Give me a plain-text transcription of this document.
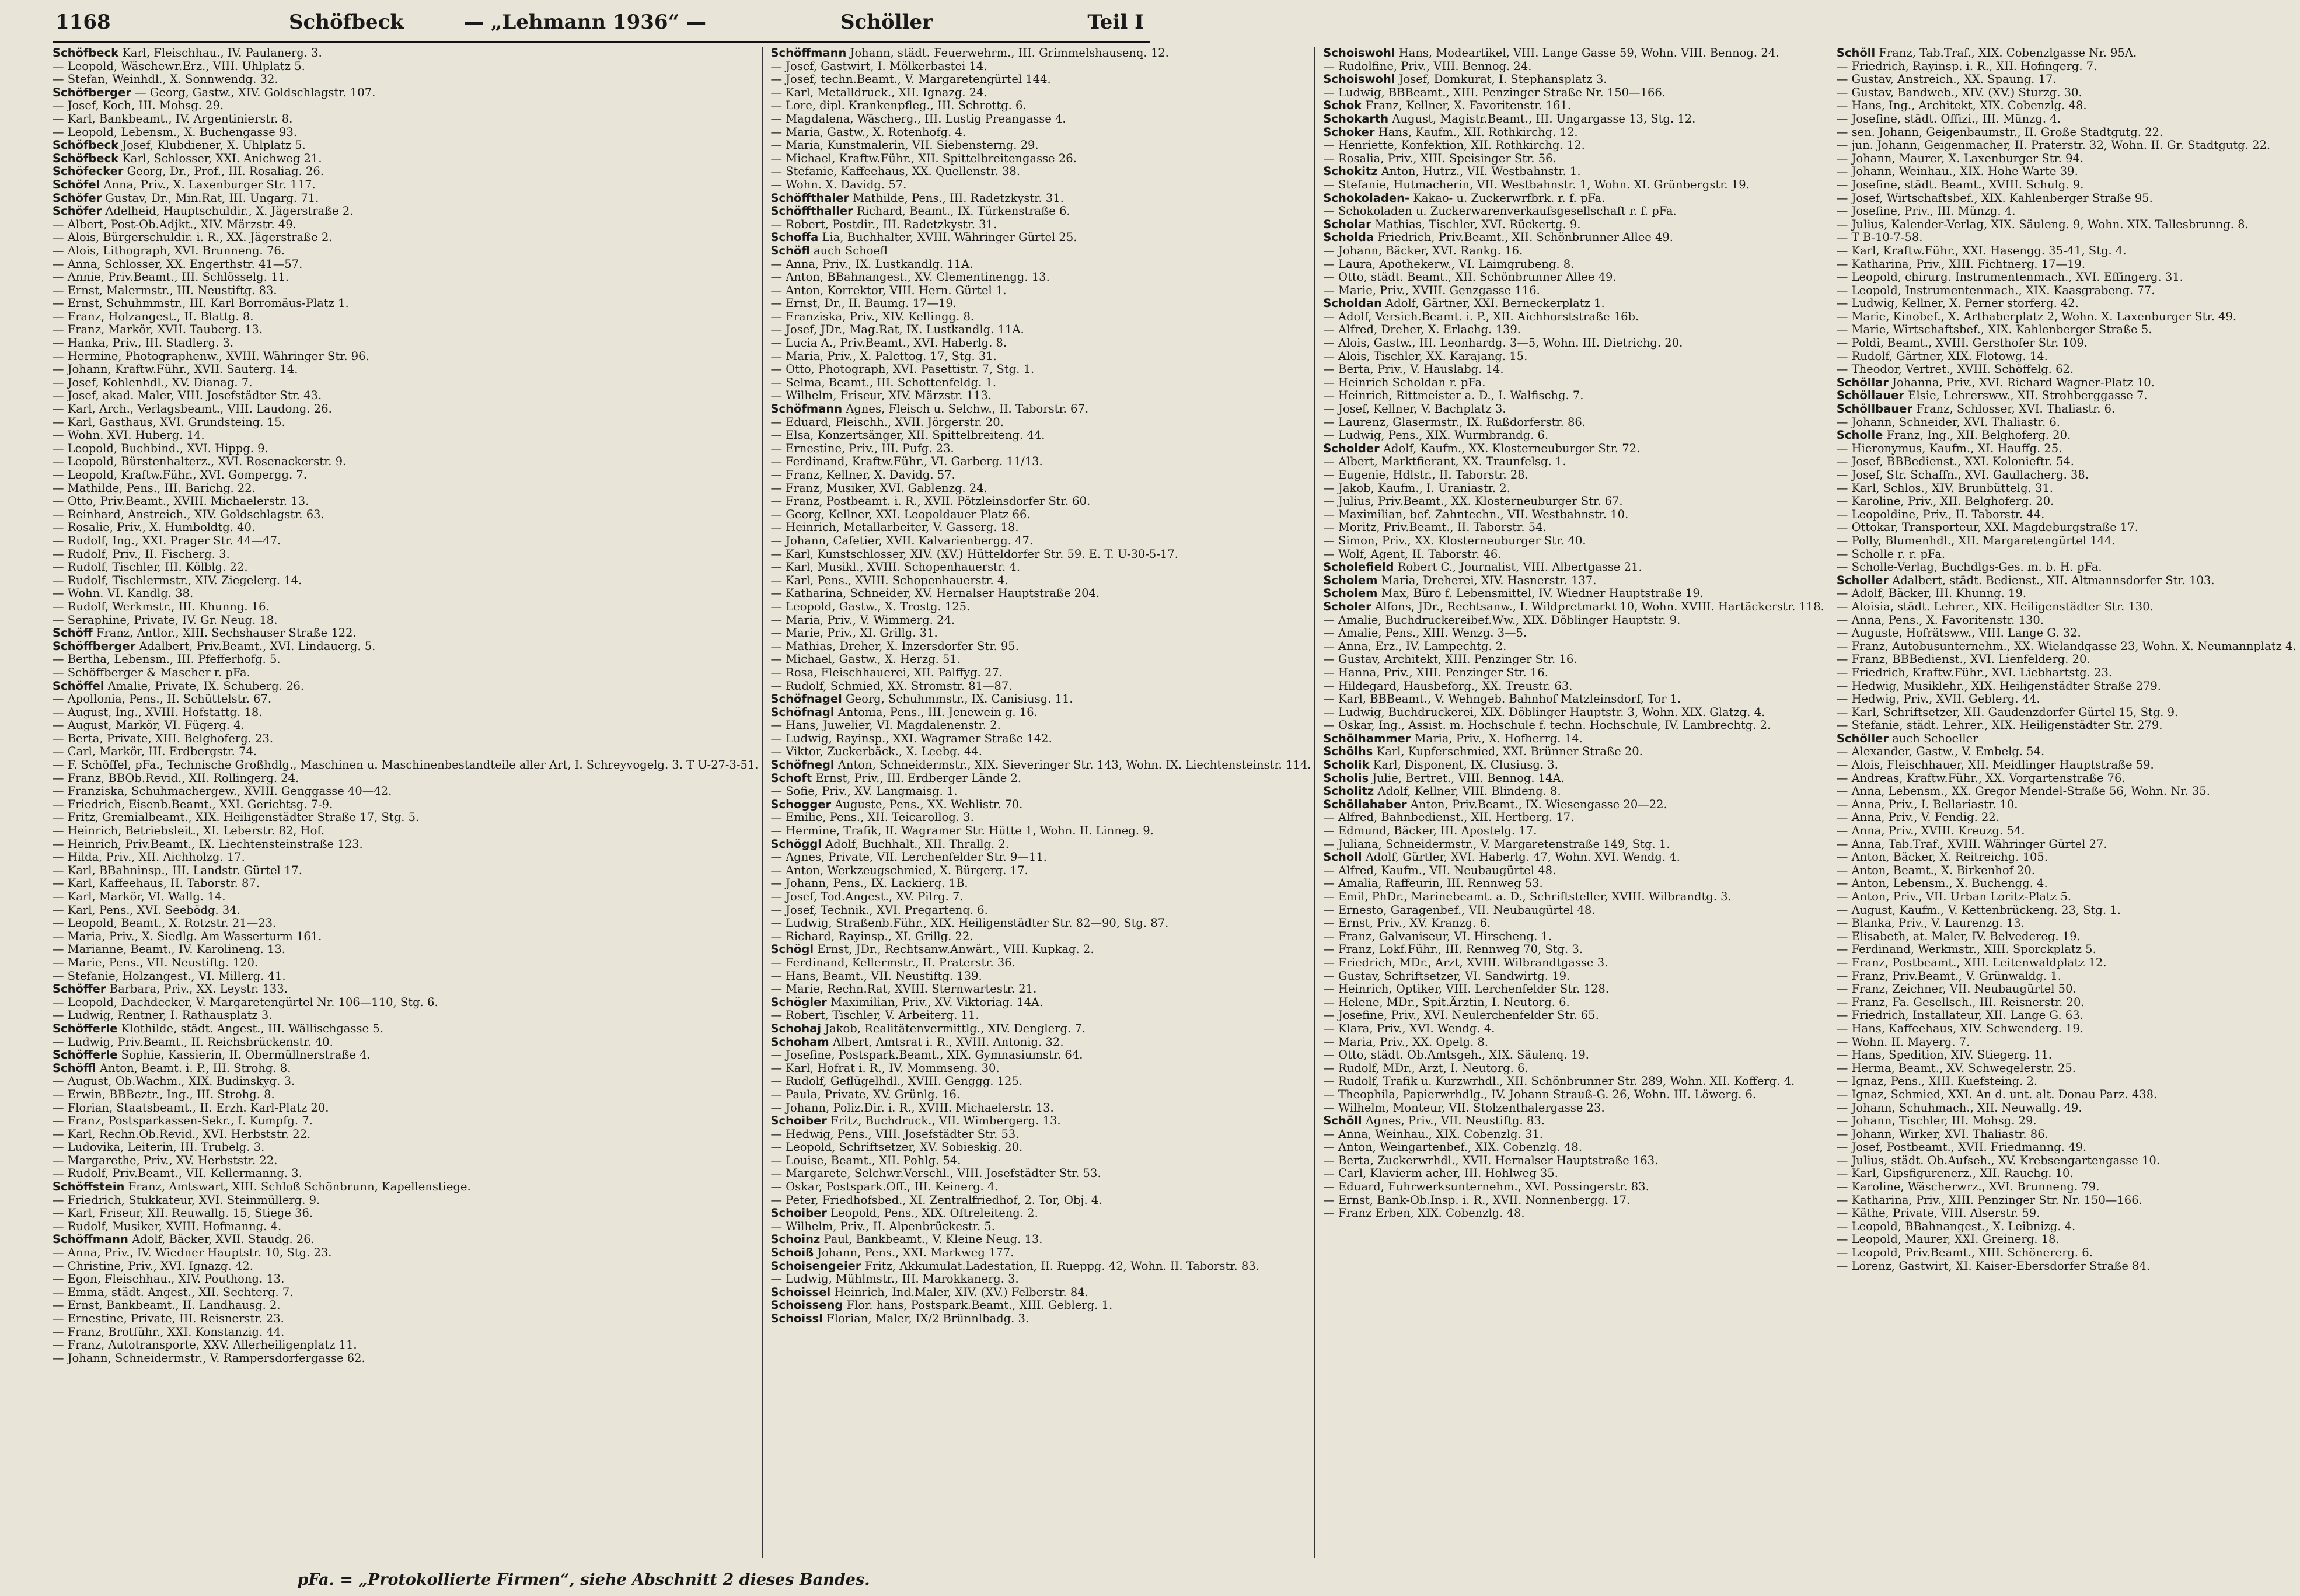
1168	Schöfbeck	— „Lehmann 1936“ —	Schöller	Teil I

Schöfbeck Karl, Fleischhau., IV. Paulanerg. 3.

— Leopold, Wäschewr.Erz., VIII. Uhlplatz 5.

— Stefan, Weinhdl., X. Sonnwendg. 32.

Schöfberger — Georg, Gastw., XIV. Goldschlagstr. 107.

— Josef, Koch, III. Mohsg. 29.

— Karl, Bankbeamt., IV. Argentinierstr. 8.

— Leopold, Lebensm., X. Buchengasse 93.

Schöfbeck Josef, Klubdiener, X. Uhlplatz 5.

Schöfbeck Karl, Schlosser, XXI. Anichweg 21.

Schöfecker Georg, Dr., Prof., III. Rosaliag. 26.

Schöfel Anna, Priv., X. Laxenburger Str. 117.

Schöfer Gustav, Dr., Min.Rat, III. Ungarg. 71.

Schöfer Adelheid, Hauptschuldir., X. Jägerstraße 2.

— Albert, Post-Ob.Adjkt., XIV. Märzstr. 49.

— Alois, Bürgerschuldir. i. R., XX. Jägerstraße 2.

— Alois, Lithograph, XVI. Brunneng. 76.

— Anna, Schlosser, XX. Engerthstr. 41—57.

— Annie, Priv.Beamt., III. Schlösselg. 11.

— Ernst, Malermstr., III. Neustiftg. 83.

— Ernst, Schuhmmstr., III. Karl Borromäus-Platz 1.

— Franz, Holzangest., II. Blattg. 8.

— Franz, Markör, XVII. Tauberg. 13.

— Hanka, Priv., III. Stadlerg. 3.

— Hermine, Photographenw., XVIII. Währinger Str. 96.

— Johann, Kraftw.Führ., XVII. Sauterg. 14.

— Josef, Kohlenhdl., XV. Dianag. 7.

— Josef, akad. Maler, VIII. Josefstädter Str. 43.

— Karl, Arch., Verlagsbeamt., VIII. Laudong. 26.

— Karl, Gasthaus, XVI. Grundsteing. 15.

— Wohn. XVI. Huberg. 14.

— Leopold, Buchbind., XVI. Hippg. 9.

— Leopold, Bürstenhalterz., XVI. Rosenackerstr. 9.

— Leopold, Kraftw.Führ., XVI. Gompergg. 7.

— Mathilde, Pens., III. Barichg. 22.

— Otto, Priv.Beamt., XVIII. Michaelerstr. 13.

— Reinhard, Anstreich., XIV. Goldschlagstr. 63.

— Rosalie, Priv., X. Humboldtg. 40.

— Rudolf, Ing., XXI. Prager Str. 44—47.

— Rudolf, Priv., II. Fischerg. 3.

— Rudolf, Tischler, III. Kölblg. 22.

— Rudolf, Tischlermstr., XIV. Ziegelerg. 14.

— Wohn. VI. Kandlg. 38.

— Rudolf, Werkmstr., III. Khunng. 16.

— Seraphine, Private, IV. Gr. Neug. 18.

Schöff Franz, Antlor., XIII. Sechshauser Straße 122.

Schöffberger Adalbert, Priv.Beamt., XVI. Lindauerg. 5.

— Bertha, Lebensm., III. Pfefferhofg. 5.

— Schöffberger & Mascher r. pFa.

Schöffel Amalie, Private, IX. Schuberg. 26.

— Apollonia, Pens., II. Schüttelstr. 67.

— August, Ing., XVIII. Hofstattg. 18.

— August, Markör, VI. Fügerg. 4.

— Berta, Private, XIII. Belghoferg. 23.

— Carl, Markör, III. Erdbergstr. 74.

— F. Schöffel, pFa., Technische Großhdlg., Maschinen u. Maschinenbestandteile aller Art, I. Schreyvogelg. 3. T U-27-3-51.

— Franz, BBOb.Revid., XII. Rollingerg. 24.

— Franziska, Schuhmachergew., XVIII. Genggasse 40—42.

— Friedrich, Eisenb.Beamt., XXI. Gerichtsg. 7-9.

— Fritz, Gremialbeamt., XIX. Heiligenstädter Straße 17, Stg. 5.

— Heinrich, Betriebsleit., XI. Leberstr. 82, Hof.

— Heinrich, Priv.Beamt., IX. Liechtensteinstraße 123.

— Hilda, Priv., XII. Aichholzg. 17.

— Karl, BBahninsp., III. Landstr. Gürtel 17.

— Karl, Kaffeehaus, II. Taborstr. 87.

— Karl, Markör, VI. Wallg. 14.

— Karl, Pens., XVI. Seebödg. 34.

— Leopold, Beamt., X. Rotzstr. 21—23.

— Maria, Priv., X. Siedlg. Am Wasserturm 161.

— Marianne, Beamt., IV. Karolineng. 13.

— Marie, Pens., VII. Neustiftg. 120.

— Stefanie, Holzangest., VI. Millerg. 41.

Schöffer Barbara, Priv., XX. Leystr. 133.

— Leopold, Dachdecker, V. Margaretengürtel Nr. 106—110, Stg. 6.

— Ludwig, Rentner, I. Rathausplatz 3.

Schöfferle Klothilde, städt. Angest., III. Wällischgasse 5.

— Ludwig, Priv.Beamt., II. Reichsbrückenstr. 40.

Schöfferle Sophie, Kassierin, II. Obermüllnerstraße 4.

Schöffl Anton, Beamt. i. P., III. Strohg. 8.

— August, Ob.Wachm., XIX. Budinskyg. 3.

— Erwin, BBBeztr., Ing., III. Strohg. 8.

— Florian, Staatsbeamt., II. Erzh. Karl-Platz 20.

— Franz, Postsparkassen-Sekr., I. Kumpfg. 7.

— Karl, Rechn.Ob.Revid., XVI. Herbststr. 22.

— Ludovika, Leiterin, III. Trubelg. 3.

— Margarethe, Priv., XV. Herbststr. 22.

— Rudolf, Priv.Beamt., VII. Kellermanng. 3.

Schöffstein Franz, Amtswart, XIII. Schloß Schönbrunn, Kapellenstiege.

— Friedrich, Stukkateur, XVI. Steinmüllerg. 9.

— Karl, Friseur, XII. Reuwallg. 15, Stiege 36.

— Rudolf, Musiker, XVIII. Hofmanng. 4.

Schöffmann Adolf, Bäcker, XVII. Staudg. 26.

— Anna, Priv., IV. Wiedner Hauptstr. 10, Stg. 23.

— Christine, Priv., XVI. Ignazg. 42.

— Egon, Fleischhau., XIV. Pouthong. 13.

— Emma, städt. Angest., XII. Sechterg. 7.

— Ernst, Bankbeamt., II. Landhausg. 2.

— Ernestine, Private, III. Reisnerstr. 23.

— Franz, Brotführ., XXI. Konstanzig. 44.

— Franz, Autotransporte, XXV. Allerheiligenplatz 11.

— Johann, Schneidermstr., V. Rampersdorfergasse 62.

Schöffmann Johann, städt. Feuerwehrm., III. Grimmelshausenq. 12.

— Josef, Gastwirt, I. Mölkerbastei 14.

— Josef, techn.Beamt., V. Margaretengürtel 144.

— Karl, Metalldruck., XII. Ignazg. 24.

— Lore, dipl. Krankenpfleg., III. Schrottg. 6.

— Magdalena, Wäscherg., III. Lustig Preangasse 4.

— Maria, Gastw., X. Rotenhofg. 4.

— Maria, Kunstmalerin, VII. Siebensterng. 29.

— Michael, Kraftw.Führ., XII. Spittelbreitengasse 26.

— Stefanie, Kaffeehaus, XX. Quellenstr. 38.

— Wohn. X. Davidg. 57.

Schöffthaler Mathilde, Pens., III. Radetzkystr. 31.

Schöffthaller Richard, Beamt., IX. Türkenstraße 6.

— Robert, Postdir., III. Radetzkystr. 31.

Schoffa Lia, Buchhalter, XVIII. Währinger Gürtel 25.

Schöfl auch Schoefl

— Anna, Priv., IX. Lustkandlg. 11A.

— Anton, BBahnangest., XV. Clementinengg. 13.

— Anton, Korrektor, VIII. Hern. Gürtel 1.

— Ernst, Dr., II. Baumg. 17—19.

— Franziska, Priv., XIV. Kellingg. 8.

— Josef, JDr., Mag.Rat, IX. Lustkandlg. 11A.

— Lucia A., Priv.Beamt., XVI. Haberlg. 8.

— Maria, Priv., X. Palettog. 17, Stg. 31.

— Otto, Photograph, XVI. Pasettistr. 7, Stg. 1.

— Selma, Beamt., III. Schottenfeldg. 1.

— Wilhelm, Friseur, XIV. Märzstr. 113.

Schöfmann Agnes, Fleisch u. Selchw., II. Taborstr. 67.

— Eduard, Fleischh., XVII. Jörgerstr. 20.

— Elsa, Konzertsänger, XII. Spittelbreiteng. 44.

— Ernestine, Priv., III. Pufg. 23.

— Ferdinand, Kraftw.Führ., VI. Garberg. 11/13.

— Franz, Kellner, X. Davidg. 57.

— Franz, Musiker, XVI. Gablenzg. 24.

— Franz, Postbeamt. i. R., XVII. Pötzleinsdorfer Str. 60.

— Georg, Kellner, XXI. Leopoldauer Platz 66.

— Heinrich, Metallarbeiter, V. Gasserg. 18.

— Johann, Cafetier, XVII. Kalvarienbergg. 47.

— Karl, Kunstschlosser, XIV. (XV.) Hütteldorfer Str. 59. E. T. U-30-5-17.

— Karl, Musikl., XVIII. Schopenhauerstr. 4.

— Karl, Pens., XVIII. Schopenhauerstr. 4.

— Katharina, Schneider, XV. Hernalser Hauptstraße 204.

— Leopold, Gastw., X. Trostg. 125.

— Maria, Priv., V. Wimmerg. 24.

— Marie, Priv., XI. Grillg. 31.

— Mathias, Dreher, X. Inzersdorfer Str. 95.

— Michael, Gastw., X. Herzg. 51.

— Rosa, Fleischhauerei, XII. Palffyg. 27.

— Rudolf, Schmied, XX. Stromstr. 81—87.

Schöfnagel Georg, Schuhmmstr., IX. Canisiusg. 11.

Schöfnagl Antonia, Pens., III. Jenewein g. 16.

— Hans, Juwelier, VI. Magdalenenstr. 2.

— Ludwig, Rayinsp., XXI. Wagramer Straße 142.

— Viktor, Zuckerbäck., X. Leebg. 44.

Schöfnegl Anton, Schneidermstr., XIX. Sieveringer Str. 143, Wohn. IX. Liechtensteinstr. 114.

Schoft Ernst, Priv., III. Erdberger Lände 2.

— Sofie, Priv., XV. Langmaisg. 1.

Schogger Auguste, Pens., XX. Wehlistr. 70.

— Emilie, Pens., XII. Teicarollog. 3.

— Hermine, Trafik, II. Wagramer Str. Hütte 1, Wohn. II. Linneg. 9.

Schöggl Adolf, Buchhalt., XII. Thrallg. 2.

— Agnes, Private, VII. Lerchenfelder Str. 9—11.

— Anton, Werkzeugschmied, X. Bürgerg. 17.

— Johann, Pens., IX. Lackierg. 1B.

— Josef, Tod.Angest., XV. Pilrg. 7.

— Josef, Technik., XVI. Pregartenq. 6.

— Ludwig, Straßenb.Führ., XIX. Heiligenstädter Str. 82—90, Stg. 87.

— Richard, Rayinsp., XI. Grillg. 22.

Schögl Ernst, JDr., Rechtsanw.Anwärt., VIII. Kupkag. 2.

— Ferdinand, Kellermstr., II. Praterstr. 36.

— Hans, Beamt., VII. Neustiftg. 139.

— Marie, Rechn.Rat, XVIII. Sternwartestr. 21.

Schögler Maximilian, Priv., XV. Viktoriag. 14A.

— Robert, Tischler, V. Arbeiterg. 11.

Schohaj Jakob, Realitätenvermittlg., XIV. Denglerg. 7.

Schoham Albert, Amtsrat i. R., XVIII. Antonig. 32.

— Josefine, Postspark.Beamt., XIX. Gymnasiumstr. 64.

— Karl, Hofrat i. R., IV. Mommseng. 30.

— Rudolf, Geflügelhdl., XVIII. Genggg. 125.

— Paula, Private, XV. Grünlg. 16.

— Johann, Poliz.Dir. i. R., XVIII. Michaelerstr. 13.

Schoiber Fritz, Buchdruck., VII. Wimbergerg. 13.

— Hedwig, Pens., VIII. Josefstädter Str. 53.

— Leopold, Schriftsetzer, XV. Sobieskig. 20.

— Louise, Beamt., XII. Pohlg. 54.

— Margarete, Selchwr.Verschl., VIII. Josefstädter Str. 53.

— Oskar, Postspark.Off., III. Keinerg. 4.

— Peter, Friedhofsbed., XI. Zentralfriedhof, 2. Tor, Obj. 4.

Schoiber Leopold, Pens., XIX. Oftreleiteng. 2.

— Wilhelm, Priv., II. Alpenbrückestr. 5.

Schoinz Paul, Bankbeamt., V. Kleine Neug. 13.

Schoiß Johann, Pens., XXI. Markweg 177.

Schoisengeier Fritz, Akkumulat.Ladestation, II. Rueppg. 42, Wohn. II. Taborstr. 83.

— Ludwig, Mühlmstr., III. Marokkanerg. 3.

Schoissel Heinrich, Ind.Maler, XIV. (XV.) Felberstr. 84.

Schoisseng Flor. hans, Postspark.Beamt., XIII. Geblerg. 1.

Schoissl Florian, Maler, IX/2 Brünnlbadg. 3.

Schoiswohl Hans, Modeartikel, VIII. Lange Gasse 59, Wohn. VIII. Bennog. 24.

— Rudolfine, Priv., VIII. Bennog. 24.

Schoiswohl Josef, Domkurat, I. Stephansplatz 3.

— Ludwig, BBBeamt., XIII. Penzinger Straße Nr. 150—166.

Schok Franz, Kellner, X. Favoritenstr. 161.

Schokarth August, Magistr.Beamt., III. Ungargasse 13, Stg. 12.

Schoker Hans, Kaufm., XII. Rothkirchg. 12.

— Henriette, Konfektion, XII. Rothkirchg. 12.

— Rosalia, Priv., XIII. Speisinger Str. 56.

Schokitz Anton, Hutrz., VII. Westbahnstr. 1.

— Stefanie, Hutmacherin, VII. Westbahnstr. 1, Wohn. XI. Grünbergstr. 19.

Schokoladen- Kakao- u. Zuckerwrfbrk. r. f. pFa.

— Schokoladen u. Zuckerwarenverkaufsgesellschaft r. f. pFa.

Scholar Mathias, Tischler, XVI. Rückertg. 9.

Scholda Friedrich, Priv.Beamt., XII. Schönbrunner Allee 49.

— Johann, Bäcker, XVI. Rankg. 16.

— Laura, Apothekerw., VI. Laimgrubeng. 8.

— Otto, städt. Beamt., XII. Schönbrunner Allee 49.

— Marie, Priv., XVIII. Genzgasse 116.

Scholdan Adolf, Gärtner, XXI. Berneckerplatz 1.

— Adolf, Versich.Beamt. i. P., XII. Aichhorststraße 16b.

— Alfred, Dreher, X. Erlachg. 139.

— Alois, Gastw., III. Leonhardg. 3—5, Wohn. III. Dietrichg. 20.

— Alois, Tischler, XX. Karajang. 15.

— Berta, Priv., V. Hauslabg. 14.

— Heinrich Scholdan r. pFa.

— Heinrich, Rittmeister a. D., I. Walfischg. 7.

— Josef, Kellner, V. Bachplatz 3.

— Laurenz, Glasermstr., IX. Rußdorferstr. 86.

— Ludwig, Pens., XIX. Wurmbrandg. 6.

Scholder Adolf, Kaufm., XX. Klosterneuburger Str. 72.

— Albert, Marktfierant, XX. Traunfelsg. 1.

— Eugenie, Hdlstr., II. Taborstr. 28.

— Jakob, Kaufm., I. Uraniastr. 2.

— Julius, Priv.Beamt., XX. Klosterneuburger Str. 67.

— Maximilian, bef. Zahntechn., VII. Westbahnstr. 10.

— Moritz, Priv.Beamt., II. Taborstr. 54.

— Simon, Priv., XX. Klosterneuburger Str. 40.

— Wolf, Agent, II. Taborstr. 46.

Scholefield Robert C., Journalist, VIII. Albertgasse 21.

Scholem Maria, Dreherei, XIV. Hasnerstr. 137.

Scholem Max, Büro f. Lebensmittel, IV. Wiedner Hauptstraße 19.

Scholer Alfons, JDr., Rechtsanw., I. Wildpretmarkt 10, Wohn. XVIII. Hartäckerstr. 118.

— Amalie, Buchdruckereibef.Ww., XIX. Döblinger Hauptstr. 9.

— Amalie, Pens., XIII. Wenzg. 3—5.

— Anna, Erz., IV. Lampechtg. 2.

— Gustav, Architekt, XIII. Penzinger Str. 16.

— Hanna, Priv., XIII. Penzinger Str. 16.

— Hildegard, Hausbeforg., XX. Treustr. 63.

— Karl, BBBeamt., V. Wehngeb. Bahnhof Matzleinsdorf, Tor 1.

— Ludwig, Buchdruckerei, XIX. Döblinger Hauptstr. 3, Wohn. XIX. Glatzg. 4.

— Oskar, Ing., Assist. m. Hochschule f. techn. Hochschule, IV. Lambrechtg. 2.

Schölhammer Maria, Priv., X. Hofherrg. 14.

Schölhs Karl, Kupferschmied, XXI. Brünner Straße 20.

Scholik Karl, Disponent, IX. Clusiusg. 3.

Scholis Julie, Bertret., VIII. Bennog. 14A.

Scholitz Adolf, Kellner, VIII. Blindeng. 8.

Schöllahaber Anton, Priv.Beamt., IX. Wiesengasse 20—22.

— Alfred, Bahnbedienst., XII. Hertberg. 17.

— Edmund, Bäcker, III. Apostelg. 17.

— Juliana, Schneidermstr., V. Margaretenstraße 149, Stg. 1.

Scholl Adolf, Gürtler, XVI. Haberlg. 47, Wohn. XVI. Wendg. 4.

— Alfred, Kaufm., VII. Neubaugürtel 48.

— Amalia, Raffeurin, III. Rennweg 53.

— Emil, PhDr., Marinebeamt. a. D., Schriftsteller, XVIII. Wilbrandtg. 3.

— Ernesto, Garagenbef., VII. Neubaugürtel 48.

— Ernst, Priv., XV. Kranzg. 6.

— Franz, Galvaniseur, VI. Hirscheng. 1.

— Franz, Lokf.Führ., III. Rennweg 70, Stg. 3.

— Friedrich, MDr., Arzt, XVIII. Wilbrandtgasse 3.

— Gustav, Schriftsetzer, VI. Sandwirtg. 19.

— Heinrich, Optiker, VIII. Lerchenfelder Str. 128.

— Helene, MDr., Spit.Ärztin, I. Neutorg. 6.

— Josefine, Priv., XVI. Neulerchenfelder Str. 65.

— Klara, Priv., XVI. Wendg. 4.

— Maria, Priv., XX. Opelg. 8.

— Otto, städt. Ob.Amtsgeh., XIX. Säulenq. 19.

— Rudolf, MDr., Arzt, I. Neutorg. 6.

— Rudolf, Trafik u. Kurzwrhdl., XII. Schönbrunner Str. 289, Wohn. XII. Kofferg. 4.

— Theophila, Papierwrhdlg., IV. Johann Strauß-G. 26, Wohn. III. Löwerg. 6.

— Wilhelm, Monteur, VII. Stolzenthalergasse 23.

Schöll Agnes, Priv., VII. Neustiftg. 83.

— Anna, Weinhau., XIX. Cobenzlg. 31.

— Anton, Weingartenbef., XIX. Cobenzlg. 48.

— Berta, Zuckerwrhdl., XVII. Hernalser Hauptstraße 163.

— Carl, Klavierm acher, III. Hohlweg 35.

— Eduard, Fuhrwerksunternehm., XVI. Possingerstr. 83.

— Ernst, Bank-Ob.Insp. i. R., XVII. Nonnenbergg. 17.

— Franz Erben, XIX. Cobenzlg. 48.

Schöll Franz, Tab.Traf., XIX. Cobenzlgasse Nr. 95A.

— Friedrich, Rayinsp. i. R., XII. Hofingerg. 7.

— Gustav, Anstreich., XX. Spaung. 17.

— Gustav, Bandweb., XIV. (XV.) Sturzg. 30.

— Hans, Ing., Architekt, XIX. Cobenzlg. 48.

— Josefine, städt. Offizi., III. Münzg. 4.

— sen. Johann, Geigenbaumstr., II. Große Stadtgutg. 22.

— jun. Johann, Geigenmacher, II. Praterstr. 32, Wohn. II. Gr. Stadtgutg. 22.

— Johann, Maurer, X. Laxenburger Str. 94.

— Johann, Weinhau., XIX. Hohe Warte 39.

— Josefine, städt. Beamt., XVIII. Schulg. 9.

— Josef, Wirtschaftsbef., XIX. Kahlenberger Straße 95.

— Josefine, Priv., III. Münzg. 4.

— Julius, Kalender-Verlag, XIX. Säuleng. 9, Wohn. XIX. Tallesbrunng. 8.

— T B-10-7-58.

— Karl, Kraftw.Führ., XXI. Hasengg. 35-41, Stg. 4.

— Katharina, Priv., XIII. Fichtnerg. 17—19.

— Leopold, chirurg. Instrumentenmach., XVI. Effingerg. 31.

— Leopold, Instrumentenmach., XIX. Kaasgrabeng. 77.

— Ludwig, Kellner, X. Perner storferg. 42.

— Marie, Kinobef., X. Arthaberplatz 2, Wohn. X. Laxenburger Str. 49.

— Marie, Wirtschaftsbef., XIX. Kahlenberger Straße 5.

— Poldi, Beamt., XVIII. Gersthofer Str. 109.

— Rudolf, Gärtner, XIX. Flotowg. 14.

— Theodor, Vertret., XVIII. Schöffelg. 62.

Schöllar Johanna, Priv., XVI. Richard Wagner-Platz 10.

Schöllauer Elsie, Lehrersww., XII. Strohberggasse 7.

Schöllbauer Franz, Schlosser, XVI. Thaliastr. 6.

— Johann, Schneider, XVI. Thaliastr. 6.

Scholle Franz, Ing., XII. Belghoferg. 20.

— Hieronymus, Kaufm., XI. Hauffg. 25.

— Josef, BBBedienst., XXI. Kolonieftr. 54.

— Josef, Str. Schaffn., XVI. Gaullacherg. 38.

— Karl, Schlos., XIV. Brunbüttelg. 31.

— Karoline, Priv., XII. Belghoferg. 20.

— Leopoldine, Priv., II. Taborstr. 44.

— Ottokar, Transporteur, XXI. Magdeburgstraße 17.

— Polly, Blumenhdl., XII. Margaretengürtel 144.

— Scholle r. r. pFa.

— Scholle-Verlag, Buchdlgs-Ges. m. b. H. pFa.

Scholler Adalbert, städt. Bedienst., XII. Altmannsdorfer Str. 103.

— Adolf, Bäcker, III. Khunng. 19.

— Aloisia, städt. Lehrer., XIX. Heiligenstädter Str. 130.

— Anna, Pens., X. Favoritenstr. 130.

— Auguste, Hofrätsww., VIII. Lange G. 32.

— Franz, Autobusunternehm., XX. Wielandgasse 23, Wohn. X. Neumannplatz 4.

— Franz, BBBedienst., XVI. Lienfelderg. 20.

— Friedrich, Kraftw.Führ., XVI. Liebhartstg. 23.

— Hedwig, Musiklehr., XIX. Heiligenstädter Straße 279.

— Hedwig, Priv., XVII. Geblerg. 44.

— Karl, Schriftsetzer, XII. Gaudenzdorfer Gürtel 15, Stg. 9.

— Stefanie, städt. Lehrer., XIX. Heiligenstädter Str. 279.

Schöller auch Schoeller

— Alexander, Gastw., V. Embelg. 54.

— Alois, Fleischhauer, XII. Meidlinger Hauptstraße 59.

— Andreas, Kraftw.Führ., XX. Vorgartenstraße 76.

— Anna, Lebensm., XX. Gregor Mendel-Straße 56, Wohn. Nr. 35.

— Anna, Priv., I. Bellariastr. 10.

— Anna, Priv., V. Fendig. 22.

— Anna, Priv., XVIII. Kreuzg. 54.

— Anna, Tab.Traf., XVIII. Währinger Gürtel 27.

— Anton, Bäcker, X. Reitreichg. 105.

— Anton, Beamt., X. Birkenhof 20.

— Anton, Lebensm., X. Buchengg. 4.

— Anton, Priv., VII. Urban Loritz-Platz 5.

— August, Kaufm., V. Kettenbrückeng. 23, Stg. 1.

— Blanka, Priv., V. Laurenzg. 13.

— Elisabeth, at. Maler, IV. Belvedereg. 19.

— Ferdinand, Werkmstr., XIII. Sporckplatz 5.

— Franz, Postbeamt., XIII. Leitenwaldplatz 12.

— Franz, Priv.Beamt., V. Grünwaldg. 1.

— Franz, Zeichner, VII. Neubaugürtel 50.

— Franz, Fa. Gesellsch., III. Reisnerstr. 20.

— Friedrich, Installateur, XII. Lange G. 63.

— Hans, Kaffeehaus, XIV. Schwenderg. 19.

— Wohn. II. Mayerg. 7.

— Hans, Spedition, XIV. Stiegerg. 11.

— Herma, Beamt., XV. Schwegelerstr. 25.

— Ignaz, Pens., XIII. Kuefsteing. 2.

— Ignaz, Schmied, XXI. An d. unt. alt. Donau Parz. 438.

— Johann, Schuhmach., XII. Neuwallg. 49.

— Johann, Tischler, III. Mohsg. 29.

— Johann, Wirker, XVI. Thaliastr. 86.

— Josef, Postbeamt., XVII. Friedmanng. 49.

— Julius, städt. Ob.Aufseh., XV. Krebsengartengasse 10.

— Karl, Gipsfigurenerz., XII. Rauchg. 10.

— Karoline, Wäscherwrz., XVI. Brunneng. 79.

— Katharina, Priv., XIII. Penzinger Str. Nr. 150—166.

— Käthe, Private, VIII. Alserstr. 59.

— Leopold, BBahnangest., X. Leibnizg. 4.

— Leopold, Maurer, XXI. Greinerg. 18.

— Leopold, Priv.Beamt., XIII. Schönererg. 6.

— Lorenz, Gastwirt, XI. Kaiser-Ebersdorfer Straße 84.

pFa. = „Protokollierte Firmen“, siehe Abschnitt 2 dieses Bandes.
